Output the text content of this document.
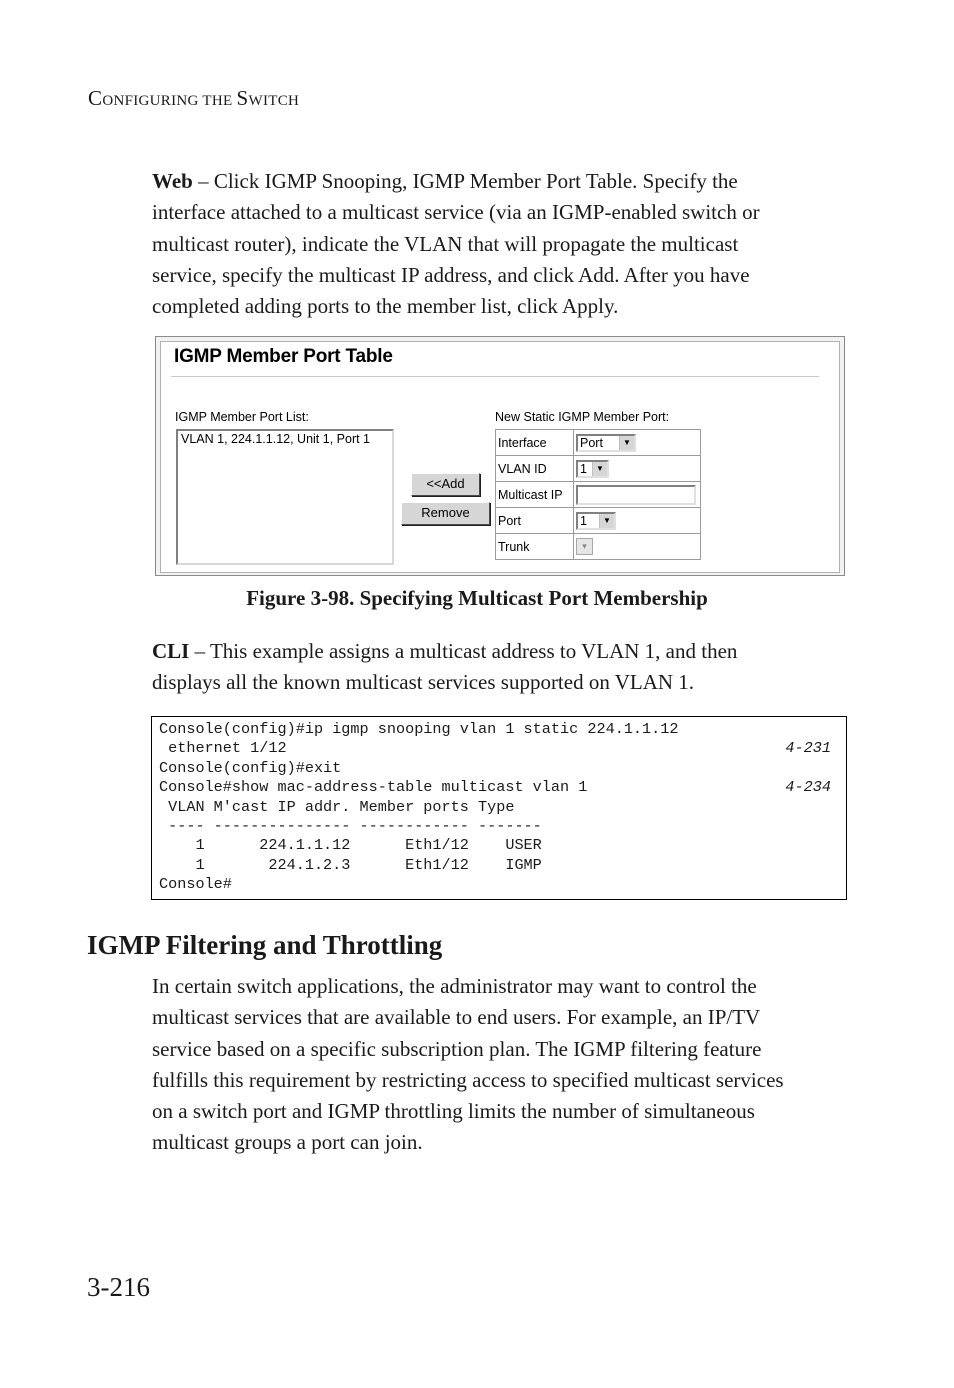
CONFIGURING THE SWITCH
Web – Click IGMP Snooping, IGMP Member Port Table. Specify the
interface attached to a multicast service (via an IGMP-enabled switch or
multicast router), indicate the VLAN that will propagate the multicast
service, specify the multicast IP address, and click Add. After you have
completed adding ports to the member list, click Apply.
IGMP Member Port Table
IGMP Member Port List:
VLAN 1, 224.1.1.12, Unit 1, Port 1
<<Add
Remove
New Static IGMP Member Port:
Interface	Port ▼

VLAN ID	1 ▼

Multicast IP	
Port	1 ▼

Trunk	▾
Figure 3-98. Specifying Multicast Port Membership
CLI – This example assigns a multicast address to VLAN 1, and then
displays all the known multicast services supported on VLAN 1.
Console(config)#ip igmp snooping vlan 1 static 224.1.1.12
ethernet 1/12	4-231
Console(config)#exit
Console#show mac-address-table multicast vlan 1	4-234
VLAN M'cast IP addr. Member ports Type
---- --------------- ------------ -------
1      224.1.1.12      Eth1/12    USER
1       224.1.2.3      Eth1/12    IGMP
Console#
IGMP Filtering and Throttling
In certain switch applications, the administrator may want to control the
multicast services that are available to end users. For example, an IP/TV
service based on a specific subscription plan. The IGMP filtering feature
fulfills this requirement by restricting access to specified multicast services
on a switch port and IGMP throttling limits the number of simultaneous
multicast groups a port can join.
3-216
